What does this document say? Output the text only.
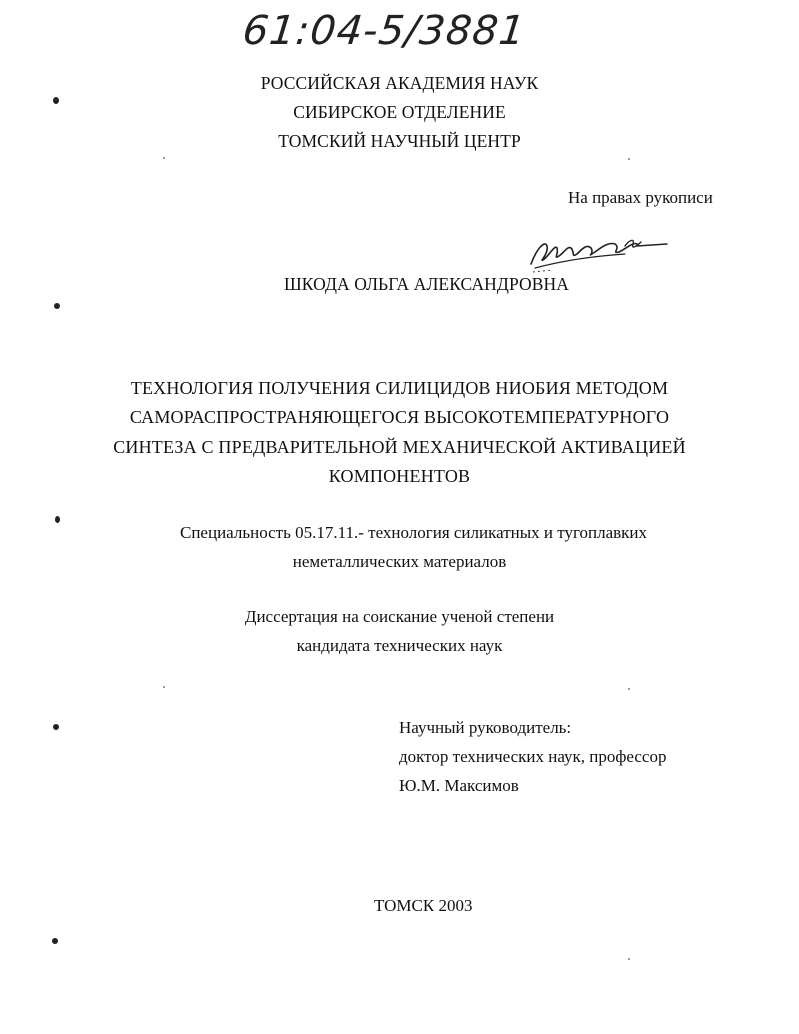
61:04-5/3881
РОССИЙСКАЯ АКАДЕМИЯ НАУК
СИБИРСКОЕ ОТДЕЛЕНИЕ
ТОМСКИЙ НАУЧНЫЙ ЦЕНТР
На правах рукописи
ШКОДА ОЛЬГА АЛЕКСАНДРОВНА
ТЕХНОЛОГИЯ ПОЛУЧЕНИЯ СИЛИЦИДОВ НИОБИЯ МЕТОДОМ
САМОРАСПРОСТРАНЯЮЩЕГОСЯ ВЫСОКОТЕМПЕРАТУРНОГО
СИНТЕЗА С ПРЕДВАРИТЕЛЬНОЙ МЕХАНИЧЕСКОЙ АКТИВАЦИЕЙ
КОМПОНЕНТОВ
Специальность 05.17.11.- технология силикатных и тугоплавких
неметаллических материалов
Диссертация на соискание ученой степени
кандидата технических наук
Научный руководитель:
доктор технических наук, профессор
Ю.М. Максимов
ТОМСК 2003
